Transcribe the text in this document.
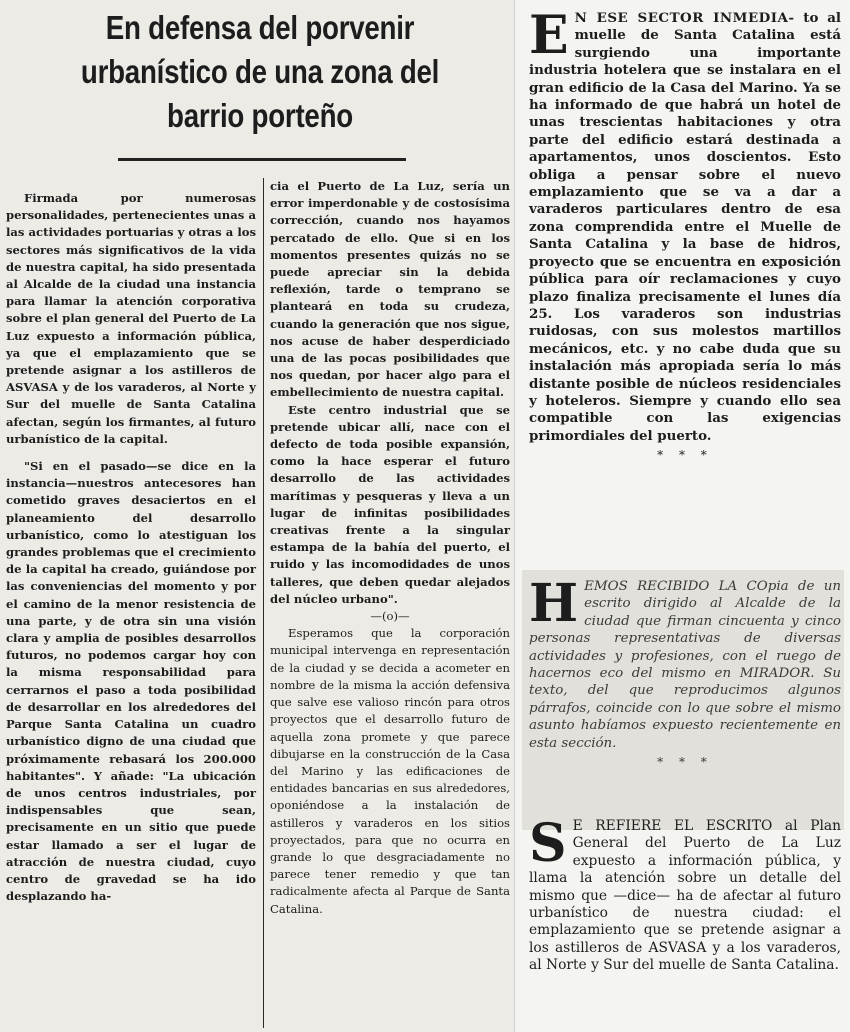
En defensa del porvenir
urbanístico de una zona del
barrio porteño

Firmada por numerosas personalidades, pertenecientes unas a las actividades portuarias y otras a los sectores más significativos de la vida de nuestra capital, ha sido presentada al Alcalde de la ciudad una instancia para llamar la atención corporativa sobre el plan general del Puerto de La Luz expuesto a información pública, ya que el emplazamiento que se pretende asignar a los astilleros de ASVASA y de los varaderos, al Norte y Sur del muelle de Santa Catalina afectan, según los firmantes, al futuro urbanístico de la capital.

"Si en el pasado—se dice en la instancia—nuestros antecesores han cometido graves desaciertos en el planeamiento del desarrollo urbanístico, como lo atestiguan los grandes problemas que el crecimiento de la capital ha creado, guiándose por las conveniencias del momento y por el camino de la menor resistencia de una parte, y de otra sin una visión clara y amplia de posibles desarrollos futuros, no podemos cargar hoy con la misma responsabilidad para cerrarnos el paso a toda posibilidad de desarrollar en los alrededores del Parque Santa Catalina un cuadro urbanístico digno de una ciudad que próximamente rebasará los 200.000 habitantes". Y añade: "La ubicación de unos centros industriales, por indispensables que sean, precisamente en un sitio que puede estar llamado a ser el lugar de atracción de nuestra ciudad, cuyo centro de gravedad se ha ido desplazando ha-

cia el Puerto de La Luz, sería un error imperdonable y de costosísima corrección, cuando nos hayamos percatado de ello. Que si en los momentos presentes quizás no se puede apreciar sin la debida reflexión, tarde o temprano se planteará en toda su crudeza, cuando la generación que nos sigue, nos acuse de haber desperdiciado una de las pocas posibilidades que nos quedan, por hacer algo para el embellecimiento de nuestra capital.

Este centro industrial que se pretende ubicar allí, nace con el defecto de toda posible expansión, como la hace esperar el futuro desarrollo de las actividades marítimas y pesqueras y lleva a un lugar de infinitas posibilidades creativas frente a la singular estampa de la bahía del puerto, el ruido y las incomodidades de unos talleres, que deben quedar alejados del núcleo urbano".

—(o)—

Esperamos que la corporación municipal intervenga en representación de la ciudad y se decida a acometer en nombre de la misma la acción defensiva que salve ese valioso rincón para otros proyectos que el desarrollo futuro de aquella zona promete y que parece dibujarse en la construcción de la Casa del Marino y las edificaciones de entidades bancarias en sus alrededores, oponiéndose a la instalación de astilleros y varaderos en los sitios proyectados, para que no ocurra en grande lo que desgraciadamente no parece tener remedio y que tan radicalmente afecta al Parque de Santa Catalina.

E N ESE SECTOR INMEDIA- to al muelle de Santa Catalina está surgiendo una importante industria hotelera que se instalara en el gran edificio de la Casa del Marino. Ya se ha informado de que habrá un hotel de unas trescientas habitaciones y otra parte del edificio estará destinada a apartamentos, unos doscientos. Esto obliga a pensar sobre el nuevo emplazamiento que se va a dar a varaderos particulares dentro de esa zona comprendida entre el Muelle de Santa Catalina y la base de hidros, proyecto que se encuentra en exposición pública para oír reclamaciones y cuyo plazo finaliza precisamente el lunes día 25. Los varaderos son industrias ruidosas, con sus molestos martillos mecánicos, etc. y no cabe duda que su instalación más apropiada sería lo más distante posible de núcleos residenciales y hoteleros. Siempre y cuando ello sea compatible con las exigencias primordiales del puerto.

* * *
H EMOS RECIBIDO LA COpia de un escrito dirigido al Alcalde de la ciudad que firman cincuenta y cinco personas representativas de diversas actividades y profesiones, con el ruego de hacernos eco del mismo en MIRADOR. Su texto, del que reproducimos algunos párrafos, coincide con lo que sobre el mismo asunto habíamos expuesto recientemente en esta sección.

* * *
S E REFIERE EL ESCRITO al Plan General del Puerto de La Luz expuesto a información pública, y llama la atención sobre un detalle del mismo que —dice— ha de afectar al futuro urbanístico de nuestra ciudad: el emplazamiento que se pretende asignar a los astilleros de ASVASA y a los varaderos, al Norte y Sur del muelle de Santa Catalina.
